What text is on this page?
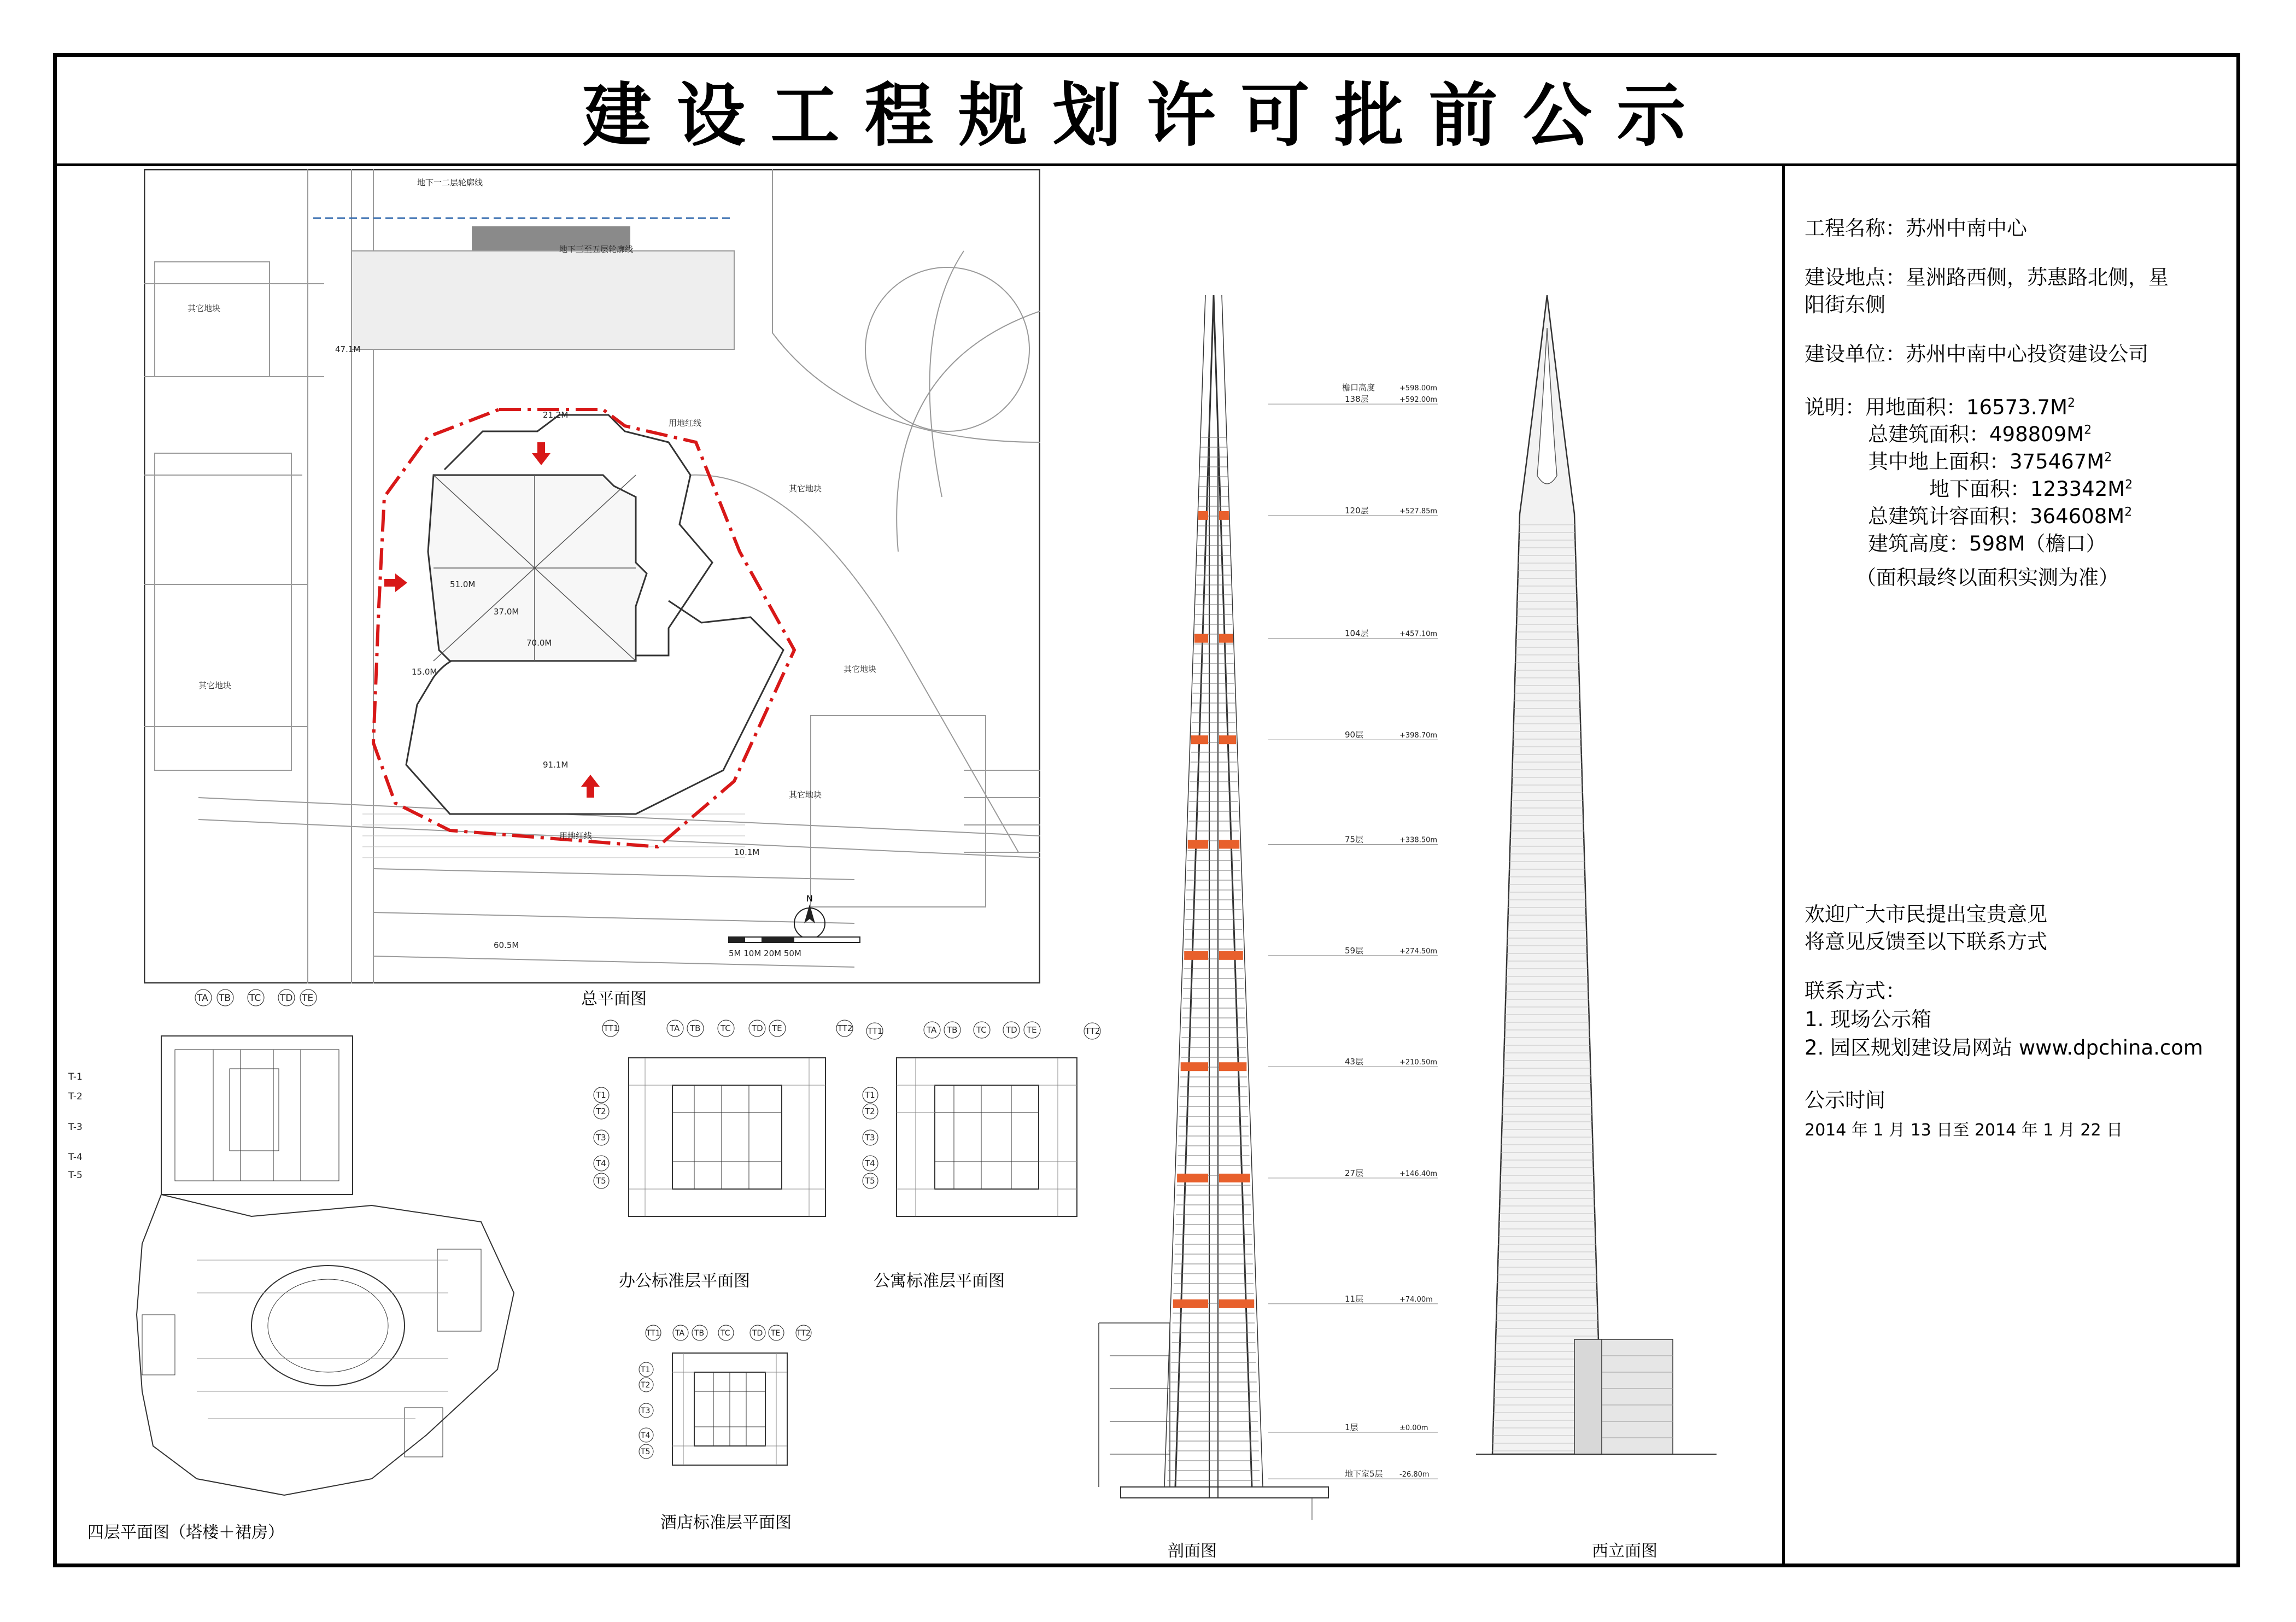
建设工程规划许可批前公示
工程名称：苏州中南中心
建设地点：星洲路西侧，苏惠路北侧，星
阳街东侧
建设单位：苏州中南中心投资建设公司
说明：用地面积：$16573.7M^2$
总建筑面积：$498809M^2$
其中地上面积：$375467M^2$
地下面积：$123342M^2$
总建筑计容面积：$364608M^2$
建筑高度：598M（檐口）
（面积最终以面积实测为准）
欢迎广大市民提出宝贵意见
将意见反馈至以下联系方式
联系方式：
1. 现场公示箱
2. 园区规划建设局网站 www.dpchina.com
公示时间
2014 年 1 月 13 日至 2014 年 1 月 22 日
地下一二层轮廓线
地下三至五层轮廓线
其它地块
其它地块
其它地块
其它地块
其它地块
用地红线
用地红线
47.1M
21.2M
37.0M
70.0M
51.0M
91.1M
15.0M
10.1M
60.5M
5M 10M 20M 50M
N
总平面图
TA TB TC TD TE
T-1
T-2
T-3
T-4
T-5
四层平面图（塔楼＋裙房）
TT1	TA TB TC	TD TE	TT2
T1
T2
T3
T4
T5
办公标准层平面图
TT1	TA TB TC TD TE	TT2
T1
T2
T3
T4
T5
公寓标准层平面图
TT1 TA TB TC	TD TE TT2
T1
T2
T3
T4
T5
酒店标准层平面图
1层	±0.00m
11层	+74.00m
27层	+146.40m
43层	+210.50m
59层	+274.50m
75层	+338.50m
90层	+398.70m
104层	+457.10m
120层	+527.85m
138层	+592.00m
地下室5层 -26.80m
檐口高度	+598.00m
剖面图	西立面图
